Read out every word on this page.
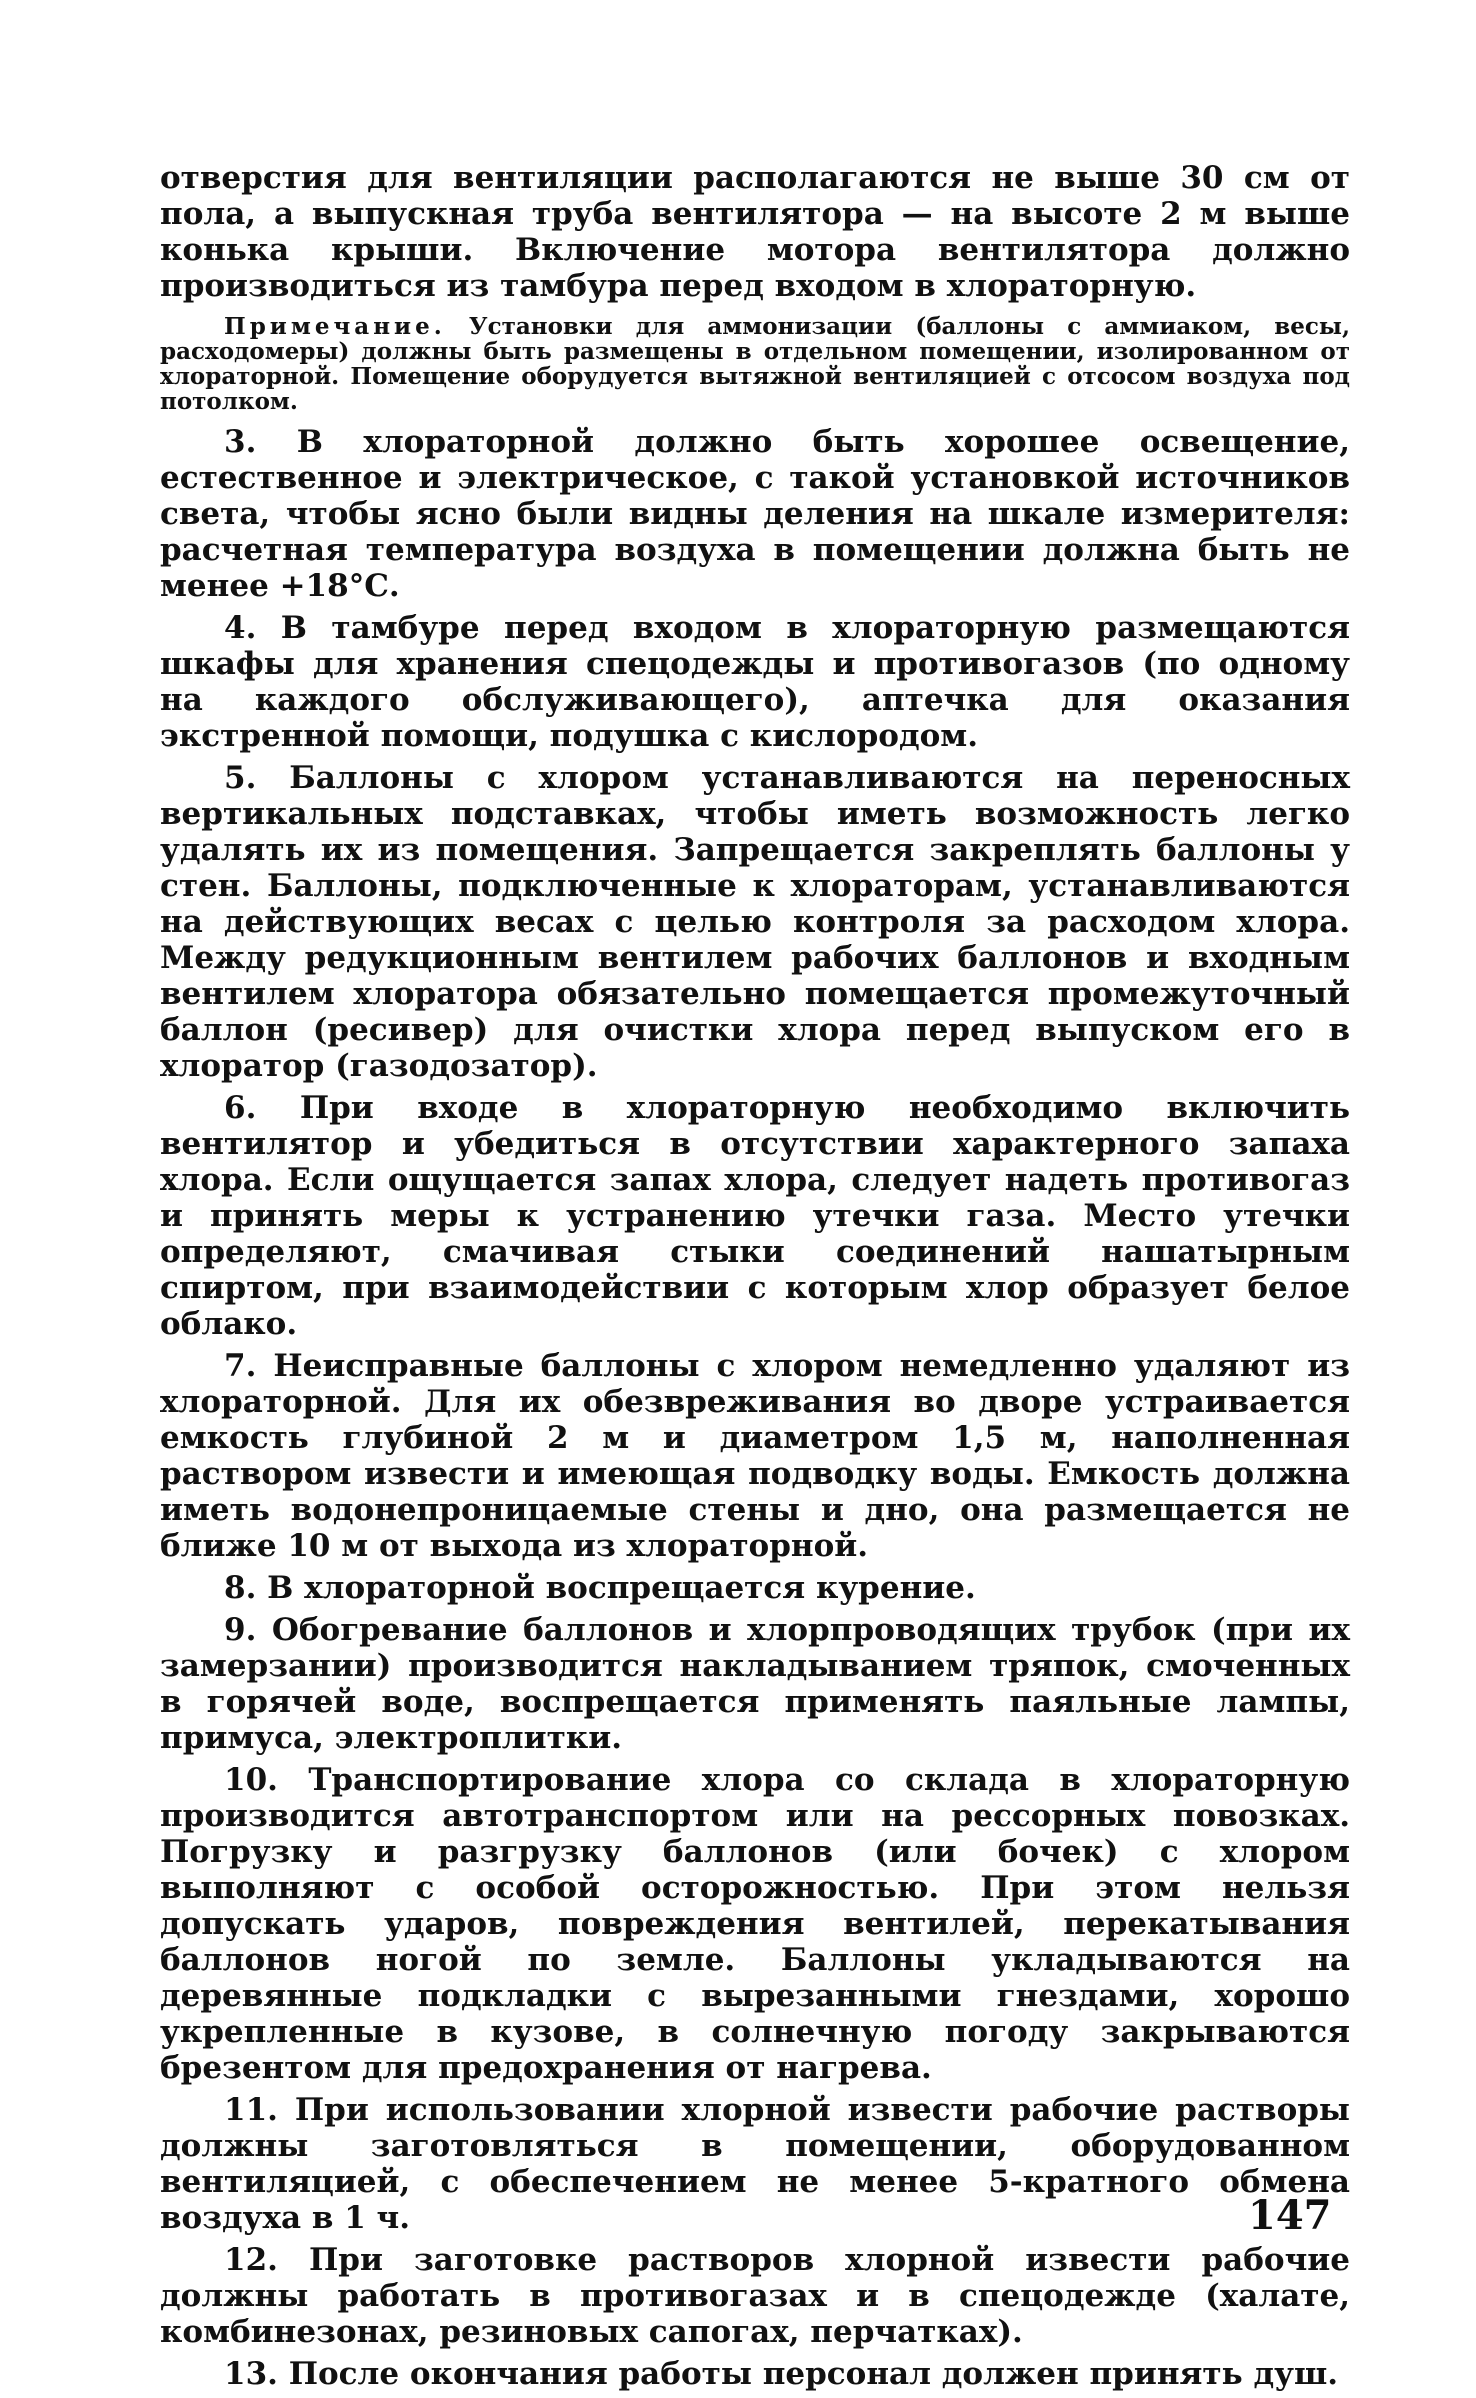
отверстия для вентиляции располагаются не выше 30 см от пола, а выпускная труба вентилятора — на высоте 2 м выше конька крыши. Включение мотора вентилятора должно производиться из тамбура перед входом в хлораторную.

Примечание. Установки для аммонизации (баллоны с аммиаком, весы, расходомеры) должны быть размещены в отдельном помещении, изолированном от хлораторной. Помещение оборудуется вытяжной вентиляцией с отсосом воздуха под потолком.

3. В хлораторной должно быть хорошее освещение, естественное и электрическое, с такой установкой источников света, чтобы ясно были видны деления на шкале измерителя: расчетная температура воздуха в помещении должна быть не менее +18°С.

4. В тамбуре перед входом в хлораторную размещаются шкафы для хранения спецодежды и противогазов (по одному на каждого обслуживающего), аптечка для оказания экстренной помощи, подушка с кислородом.

5. Баллоны с хлором устанавливаются на переносных вертикальных подставках, чтобы иметь возможность легко удалять их из помещения. Запрещается закреплять баллоны у стен. Баллоны, подключенные к хлораторам, устанавливаются на действующих весах с целью контроля за расходом хлора. Между редукционным вентилем рабочих баллонов и входным вентилем хлоратора обязательно помещается промежуточный баллон (ресивер) для очистки хлора перед выпуском его в хлоратор (газодозатор).

6. При входе в хлораторную необходимо включить вентилятор и убедиться в отсутствии характерного запаха хлора. Если ощущается запах хлора, следует надеть противогаз и принять меры к устранению утечки газа. Место утечки определяют, смачивая стыки соединений нашатырным спиртом, при взаимодействии с которым хлор образует белое облако.

7. Неисправные баллоны с хлором немедленно удаляют из хлораторной. Для их обезвреживания во дворе устраивается емкость глубиной 2 м и диаметром 1,5 м, наполненная раствором извести и имеющая подводку воды. Емкость должна иметь водонепроницаемые стены и дно, она размещается не ближе 10 м от выхода из хлораторной.

8. В хлораторной воспрещается курение.

9. Обогревание баллонов и хлорпроводящих трубок (при их замерзании) производится накладыванием тряпок, смоченных в горячей воде, воспрещается применять паяльные лампы, примуса, электроплитки.

10. Транспортирование хлора со склада в хлораторную производится автотранспортом или на рессорных повозках. Погрузку и разгрузку баллонов (или бочек) с хлором выполняют с особой осторожностью. При этом нельзя допускать ударов, повреждения вентилей, перекатывания баллонов ногой по земле. Баллоны укладываются на деревянные подкладки с вырезанными гнездами, хорошо укрепленные в кузове, в солнечную погоду закрываются брезентом для предохранения от нагрева.

11. При использовании хлорной извести рабочие растворы должны заготовляться в помещении, оборудованном вентиляцией, с обеспечением не менее 5-кратного обмена воздуха в 1 ч.

12. При заготовке растворов хлорной извести рабочие должны работать в противогазах и в спецодежде (халате, комбинезонах, резиновых сапогах, перчатках).

13. После окончания работы персонал должен принять душ.

147
